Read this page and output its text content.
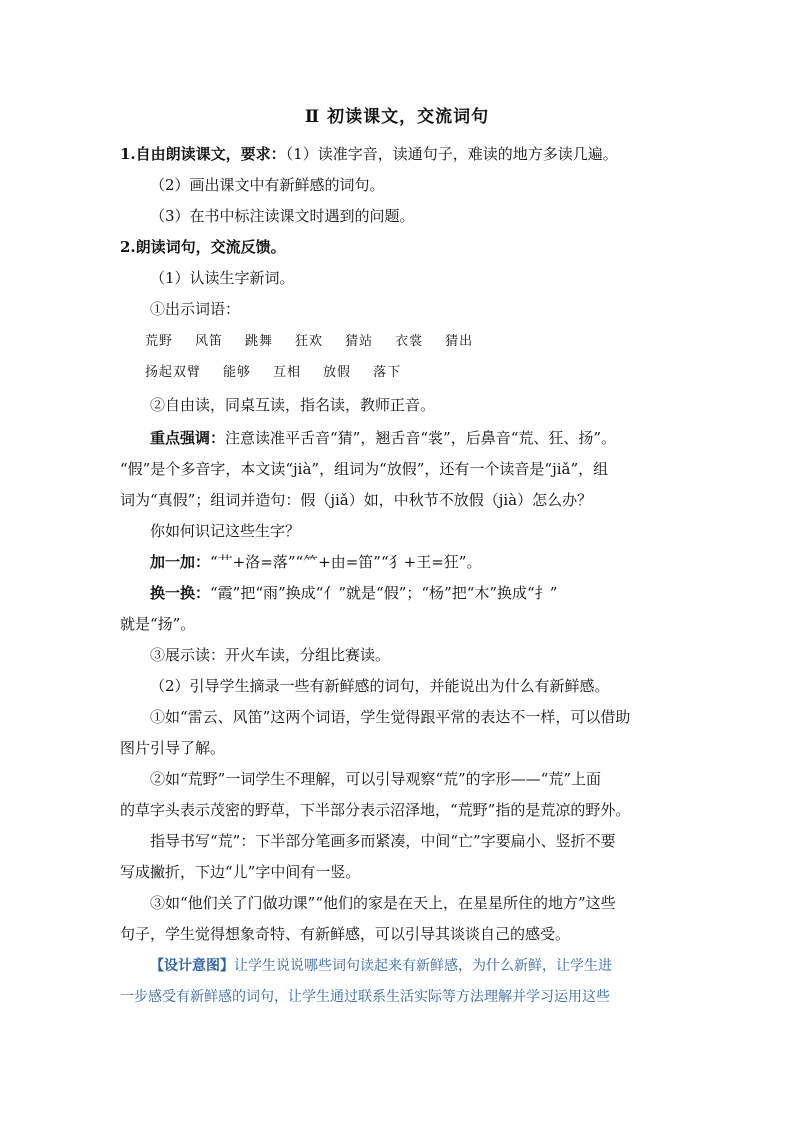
Ⅱ 初读课文，交流词句
1.自由朗读课文，要求：（1）读准字音，读通句子，难读的地方多读几遍。
（2）画出课文中有新鲜感的词句。
（3）在书中标注读课文时遇到的问题。
2.朗读词句，交流反馈。
（1）认读生字新词。
①出示词语：
荒野 风笛 跳舞 狂欢 猜站 衣裳 猜出
扬起双臂 能够 互相 放假 落下
②自由读，同桌互读，指名读，教师正音。
重点强调：注意读准平舌音“猜”，翘舌音“裳”，后鼻音“荒、狂、扬”。
“假”是个多音字，本文读“jià”，组词为“放假”，还有一个读音是“jiǎ”，组
词为“真假”；组词并造句：假（jiǎ）如，中秋节不放假（jià）怎么办？
你如何识记这些生字？
加一加：“艹+洛=落”“⺮+由=笛”“犭+王=狂”。
换一换：“霞”把“雨”换成“亻”就是“假”；“杨”把“木”换成“扌”
就是“扬”。
③展示读：开火车读，分组比赛读。
（2）引导学生摘录一些有新鲜感的词句，并能说出为什么有新鲜感。
①如“雷云、风笛”这两个词语，学生觉得跟平常的表达不一样，可以借助
图片引导了解。
②如“荒野”一词学生不理解，可以引导观察“荒”的字形——“荒”上面
的草字头表示茂密的野草，下半部分表示沼泽地，“荒野”指的是荒凉的野外。
指导书写“荒”：下半部分笔画多而紧凑，中间“亡”字要扁小、竖折不要
写成撇折，下边“儿”字中间有一竖。
③如“他们关了门做功课”“他们的家是在天上，在星星所住的地方”这些
句子，学生觉得想象奇特、有新鲜感，可以引导其谈谈自己的感受。
【设计意图】让学生说说哪些词句读起来有新鲜感，为什么新鲜，让学生进
一步感受有新鲜感的词句，让学生通过联系生活实际等方法理解并学习运用这些
